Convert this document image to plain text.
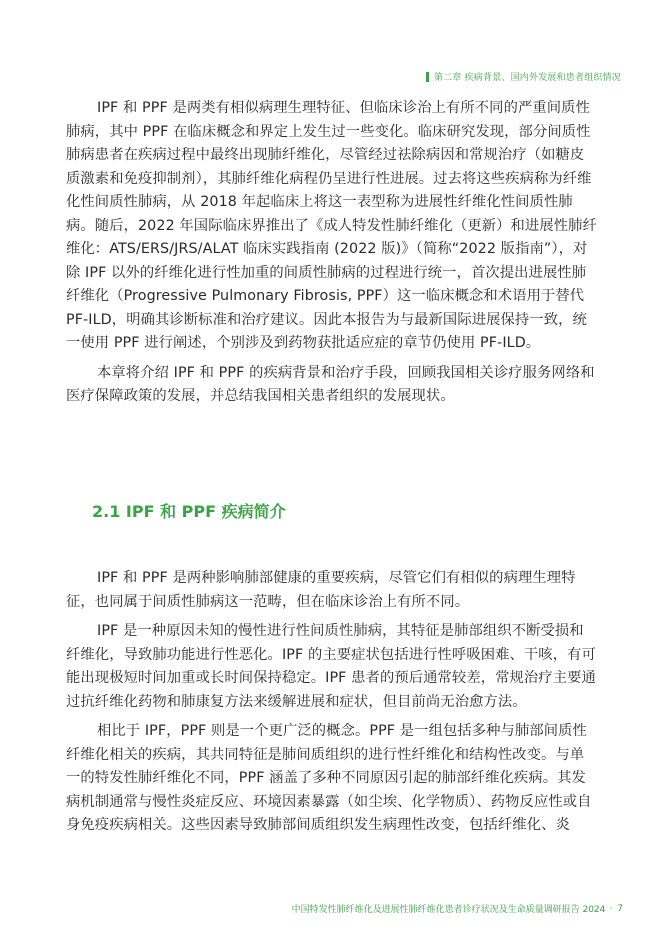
第二章 疾病背景、国内外发展和患者组织情况

IPF 和 PPF 是两类有相似病理生理特征、但临床诊治上有所不同的严重间质性肺病，其中 PPF 在临床概念和界定上发生过一些变化。临床研究发现，部分间质性肺病患者在疾病过程中最终出现肺纤维化，尽管经过祛除病因和常规治疗（如糖皮质激素和免疫抑制剂），其肺纤维化病程仍呈进行性进展。过去将这些疾病称为纤维化性间质性肺病，从 2018 年起临床上将这一表型称为进展性纤维化性间质性肺病。随后，2022 年国际临床界推出了《成人特发性肺纤维化（更新）和进展性肺纤维化：ATS/ERS/JRS/ALAT 临床实践指南 (2022 版)》（简称“2022 版指南”），对除 IPF 以外的纤维化进行性加重的间质性肺病的过程进行统一，首次提出进展性肺纤维化（Progressive Pulmonary Fibrosis, PPF）这一临床概念和术语用于替代 PF-ILD，明确其诊断标准和治疗建议。因此本报告为与最新国际进展保持一致，统一使用 PPF 进行阐述，个别涉及到药物获批适应症的章节仍使用 PF-ILD。

本章将介绍 IPF 和 PPF 的疾病背景和治疗手段，回顾我国相关诊疗服务网络和医疗保障政策的发展，并总结我国相关患者组织的发展现状。

2.1 IPF 和 PPF 疾病简介

IPF 和 PPF 是两种影响肺部健康的重要疾病，尽管它们有相似的病理生理特征，也同属于间质性肺病这一范畴，但在临床诊治上有所不同。

IPF 是一种原因未知的慢性进行性间质性肺病，其特征是肺部组织不断受损和纤维化，导致肺功能进行性恶化。IPF 的主要症状包括进行性呼吸困难、干咳，有可能出现极短时间加重或长时间保持稳定。IPF 患者的预后通常较差，常规治疗主要通过抗纤维化药物和肺康复方法来缓解进展和症状，但目前尚无治愈方法。

相比于 IPF，PPF 则是一个更广泛的概念。PPF 是一组包括多种与肺部间质性纤维化相关的疾病，其共同特征是肺间质组织的进行性纤维化和结构性改变。与单一的特发性肺纤维化不同，PPF 涵盖了多种不同原因引起的肺部纤维化疾病。其发病机制通常与慢性炎症反应、环境因素暴露（如尘埃、化学物质）、药物反应性或自身免疫疾病相关。这些因素导致肺部间质组织发生病理性改变，包括纤维化、炎

中国特发性肺纤维化及进展性肺纤维化患者诊疗状况及生命质量调研报告 2024 · 7
